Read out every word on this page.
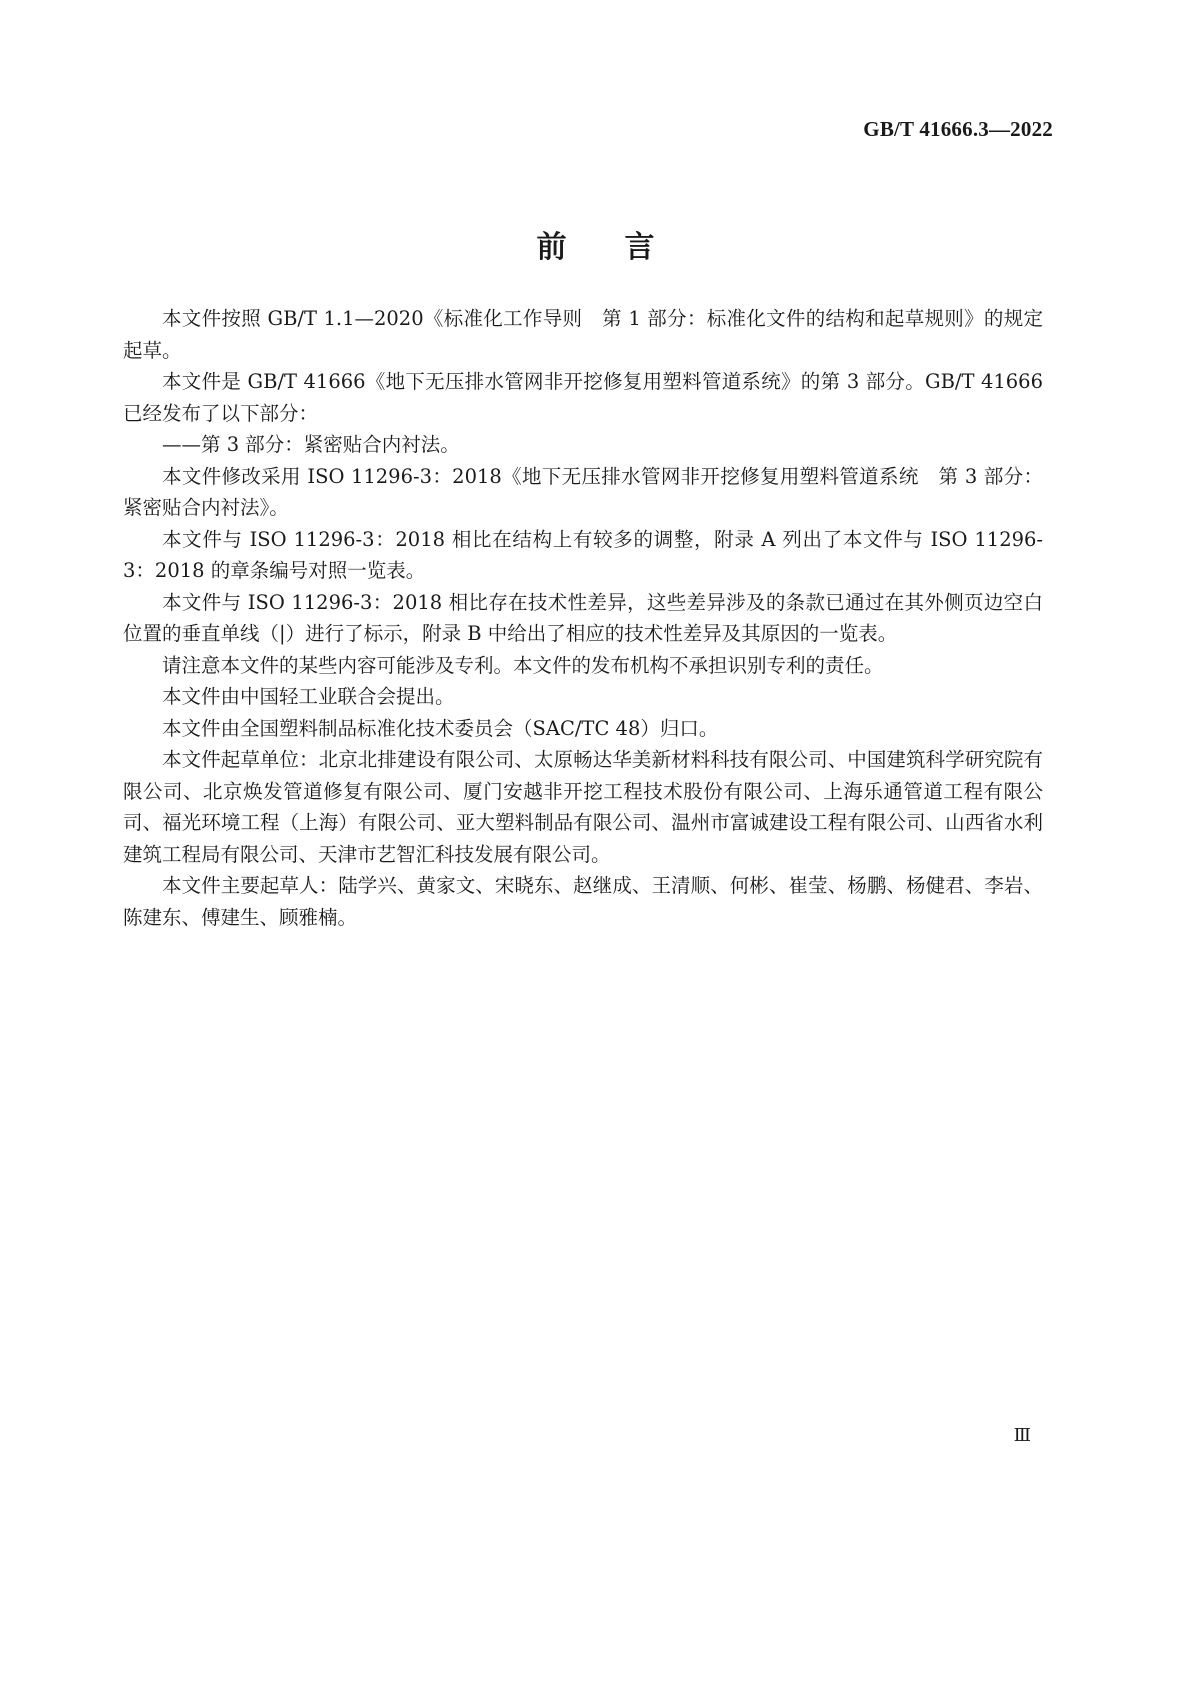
GB/T 41666.3—2022
前言

本文件按照 GB/T 1.1—2020《标准化工作导则　第 1 部分：标准化文件的结构和起草规则》的规定起草。

本文件是 GB/T 41666《地下无压排水管网非开挖修复用塑料管道系统》的第 3 部分。GB/T 41666已经发布了以下部分：

——第 3 部分：紧密贴合内衬法。

本文件修改采用 ISO 11296-3：2018《地下无压排水管网非开挖修复用塑料管道系统　第 3 部分：紧密贴合内衬法》。

本文件与 ISO 11296-3：2018 相比在结构上有较多的调整，附录 A 列出了本文件与 ISO 11296-3：2018 的章条编号对照一览表。

本文件与 ISO 11296-3：2018 相比存在技术性差异，这些差异涉及的条款已通过在其外侧页边空白位置的垂直单线（|）进行了标示，附录 B 中给出了相应的技术性差异及其原因的一览表。

请注意本文件的某些内容可能涉及专利。本文件的发布机构不承担识别专利的责任。

本文件由中国轻工业联合会提出。

本文件由全国塑料制品标准化技术委员会（SAC/TC 48）归口。

本文件起草单位：北京北排建设有限公司、太原畅达华美新材料科技有限公司、中国建筑科学研究院有限公司、北京焕发管道修复有限公司、厦门安越非开挖工程技术股份有限公司、上海乐通管道工程有限公司、福光环境工程（上海）有限公司、亚大塑料制品有限公司、温州市富诚建设工程有限公司、山西省水利建筑工程局有限公司、天津市艺智汇科技发展有限公司。

本文件主要起草人：陆学兴、黄家文、宋晓东、赵继成、王清顺、何彬、崔莹、杨鹏、杨健君、李岩、陈建东、傅建生、顾雅楠。

Ⅲ
